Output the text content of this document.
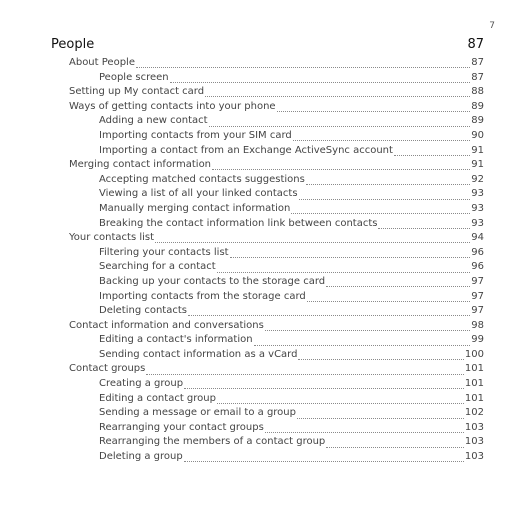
7
People	87
About People	87
People screen	87
Setting up My contact card	88
Ways of getting contacts into your phone	89
Adding a new contact	89
Importing contacts from your SIM card	90
Importing a contact from an Exchange ActiveSync account	91
Merging contact information	91
Accepting matched contacts suggestions	92
Viewing a list of all your linked contacts	93
Manually merging contact information	93
Breaking the contact information link between contacts	93
Your contacts list	94
Filtering your contacts list	96
Searching for a contact	96
Backing up your contacts to the storage card	97
Importing contacts from the storage card	97
Deleting contacts	97
Contact information and conversations	98
Editing a contact's information	99
Sending contact information as a vCard	100
Contact groups	101
Creating a group	101
Editing a contact group	101
Sending a message or email to a group	102
Rearranging your contact groups	103
Rearranging the members of a contact group	103
Deleting a group	103
